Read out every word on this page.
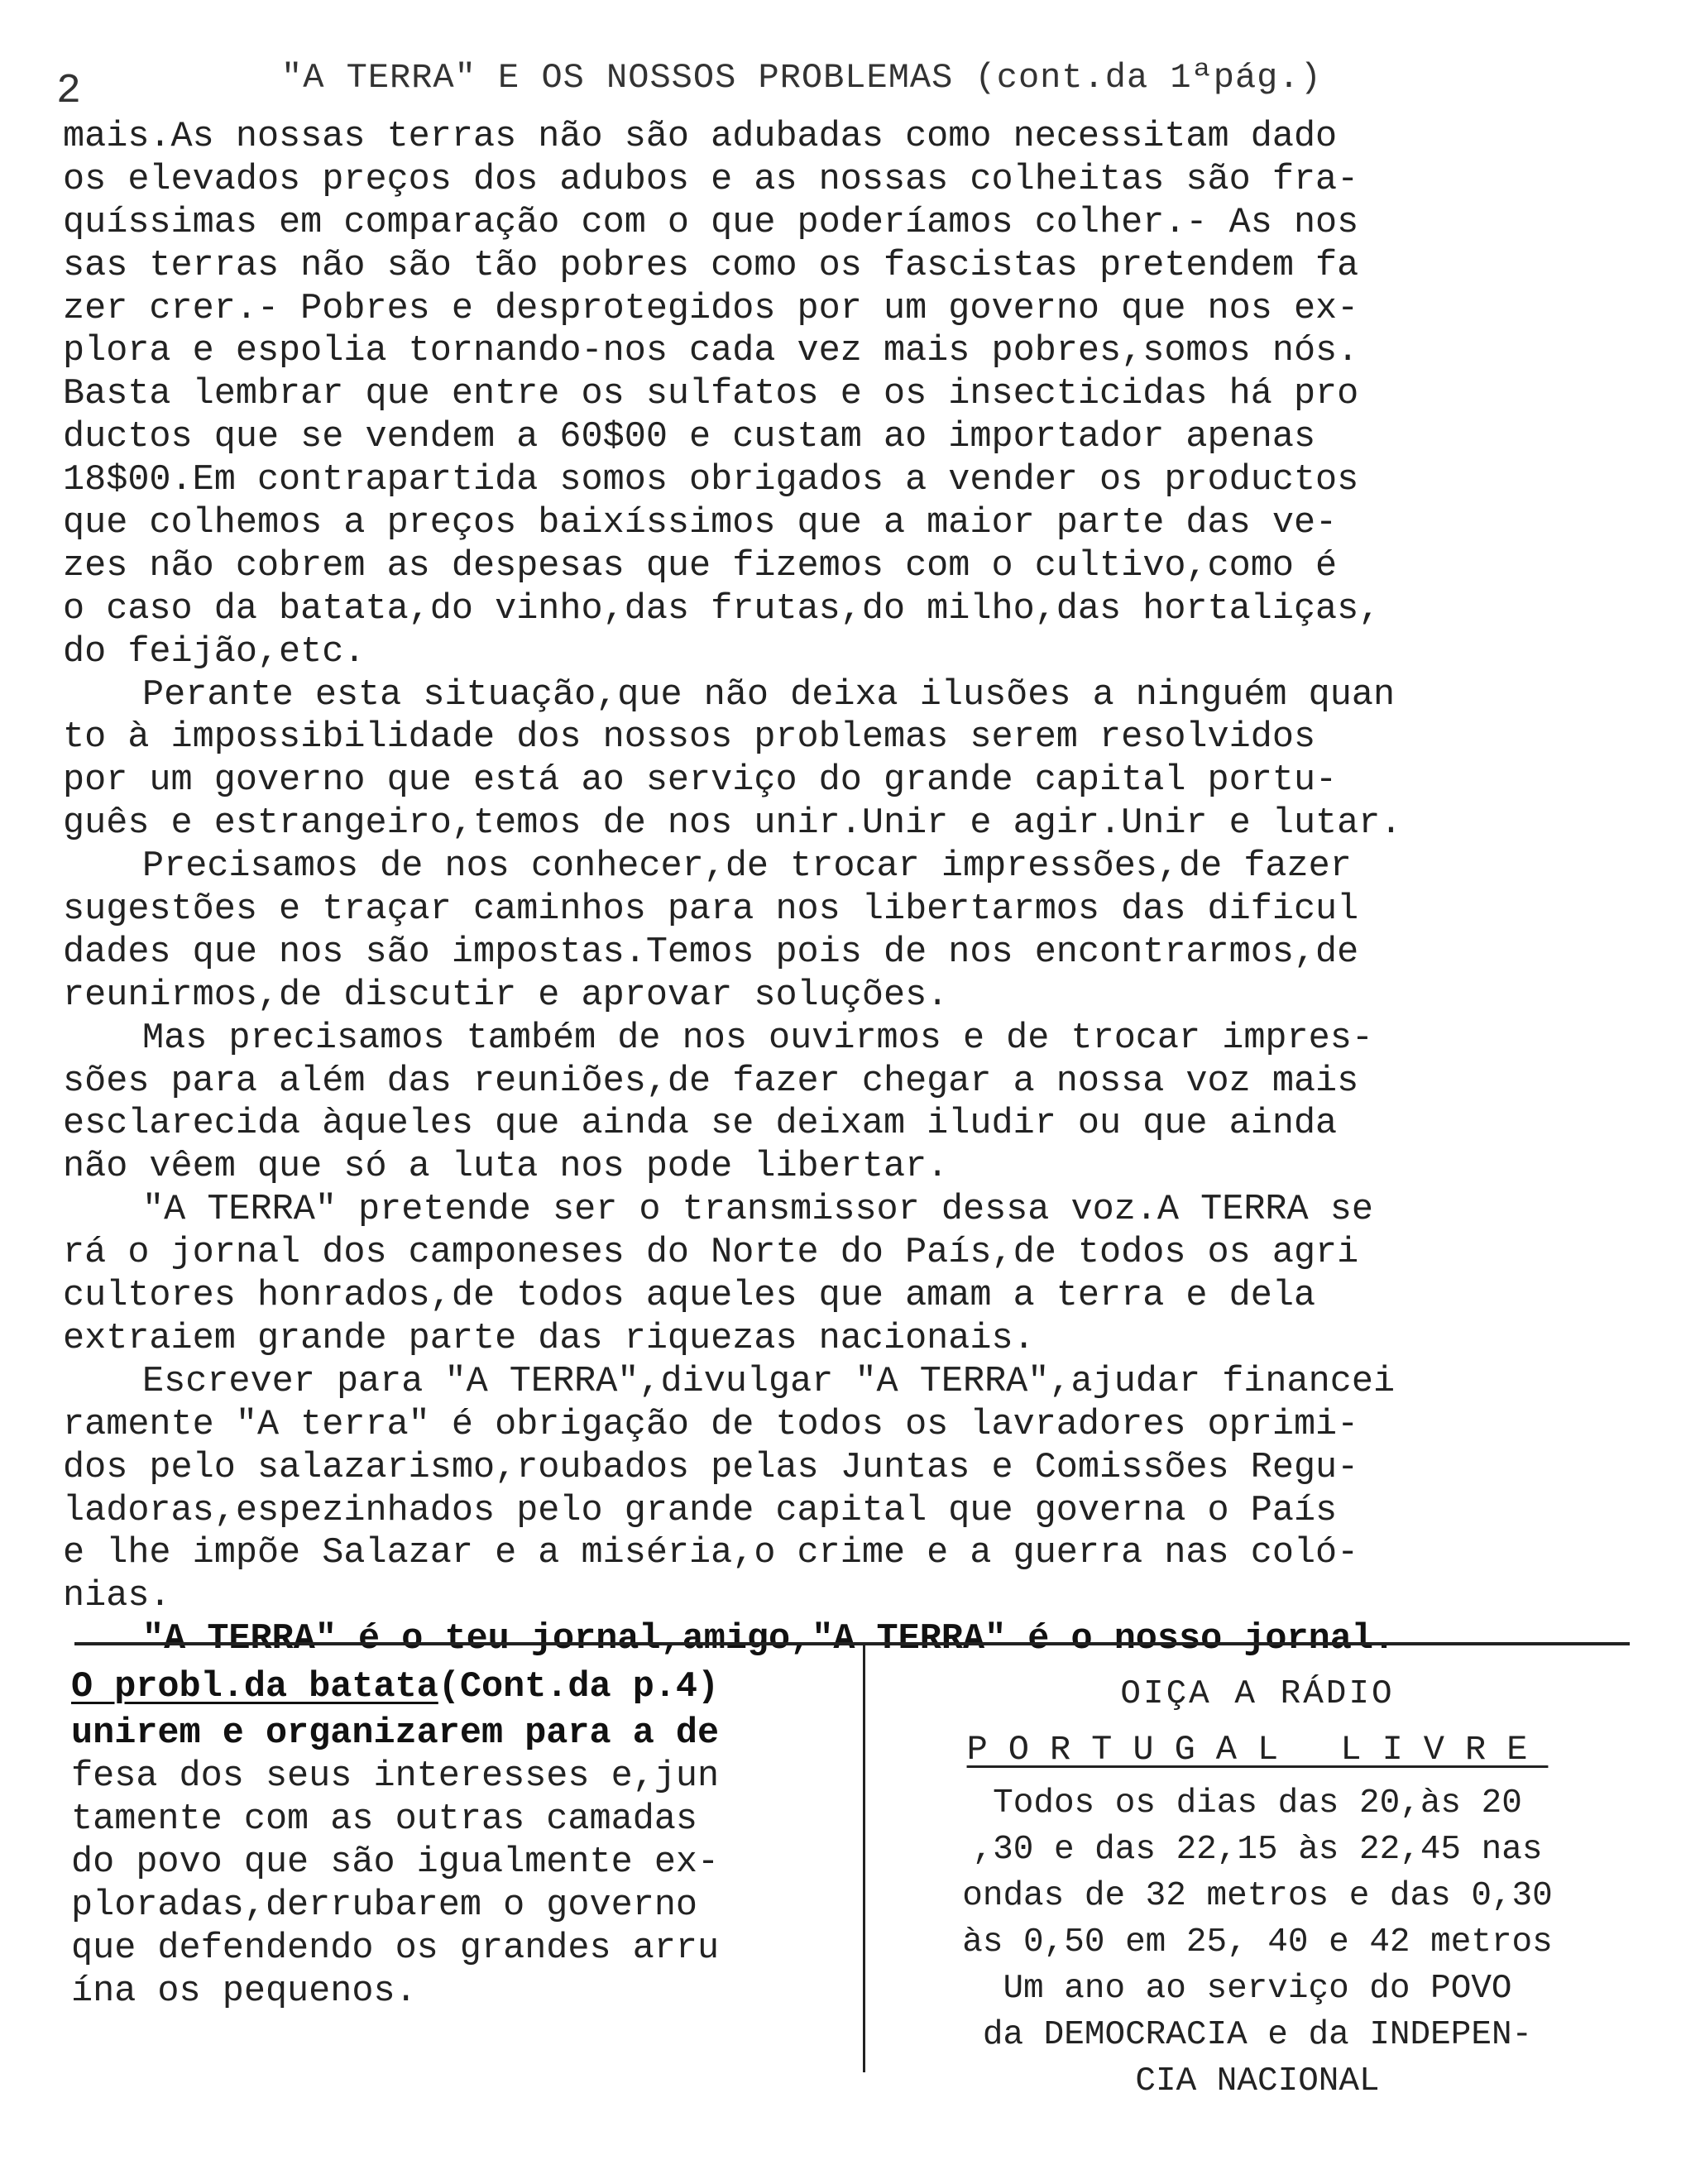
2	"A TERRA" E OS NOSSOS PROBLEMAS (cont.da 1ªpág.)
mais.As nossas terras não são adubadas como necessitam dado
os elevados preços dos adubos e as nossas colheitas são fra-
quíssimas em comparação com o que poderíamos colher.- As nos
sas terras não são tão pobres como os fascistas pretendem fa
zer crer.- Pobres e desprotegidos por um governo que nos ex-
plora e espolia tornando-nos cada vez mais pobres,somos nós.
Basta lembrar que entre os sulfatos e os insecticidas há pro
ductos que se vendem a 60$00 e custam ao importador apenas
18$00.Em contrapartida somos obrigados a vender os productos
que colhemos a preços baixíssimos que a maior parte das ve-
zes não cobrem as despesas que fizemos com o cultivo,como é
o caso da batata,do vinho,das frutas,do milho,das hortaliças,
do feijão,etc.
Perante esta situação,que não deixa ilusões a ninguém quan
to à impossibilidade dos nossos problemas serem resolvidos
por um governo que está ao serviço do grande capital portu-
guês e estrangeiro,temos de nos unir.Unir e agir.Unir e lutar.
Precisamos de nos conhecer,de trocar impressões,de fazer
sugestões e traçar caminhos para nos libertarmos das dificul
dades que nos são impostas.Temos pois de nos encontrarmos,de
reunirmos,de discutir e aprovar soluções.
Mas precisamos também de nos ouvirmos e de trocar impres-
sões para além das reuniões,de fazer chegar a nossa voz mais
esclarecida àqueles que ainda se deixam iludir ou que ainda
não vêem que só a luta nos pode libertar.
"A TERRA" pretende ser o transmissor dessa voz.A TERRA se
rá o jornal dos camponeses do Norte do País,de todos os agri
cultores honrados,de todos aqueles que amam a terra e dela
extraiem grande parte das riquezas nacionais.
Escrever para "A TERRA",divulgar "A TERRA",ajudar financei
ramente "A terra" é obrigação de todos os lavradores oprimi-
dos pelo salazarismo,roubados pelas Juntas e Comissões Regu-
ladoras,espezinhados pelo grande capital que governa o País
e lhe impõe Salazar e a miséria,o crime e a guerra nas coló-
nias.
"A TERRA" é o teu jornal,amigo,"A TERRA" é o nosso jornal.
O probl.da batata(Cont.da p.4)
unirem e organizarem para a de
fesa dos seus interesses e,jun
tamente com as outras camadas
do povo que são igualmente ex-
ploradas,derrubarem o governo
que defendendo os grandes arru
ína os pequenos.
OIÇA A RÁDIO
PORTUGAL LIVRE
Todos os dias das 20,às 20
,30 e das 22,15 às 22,45 nas
ondas de 32 metros e das 0,30
às 0,50 em 25, 40 e 42 metros
Um ano ao serviço do POVO
da DEMOCRACIA e da INDEPEN-
CIA NACIONAL
